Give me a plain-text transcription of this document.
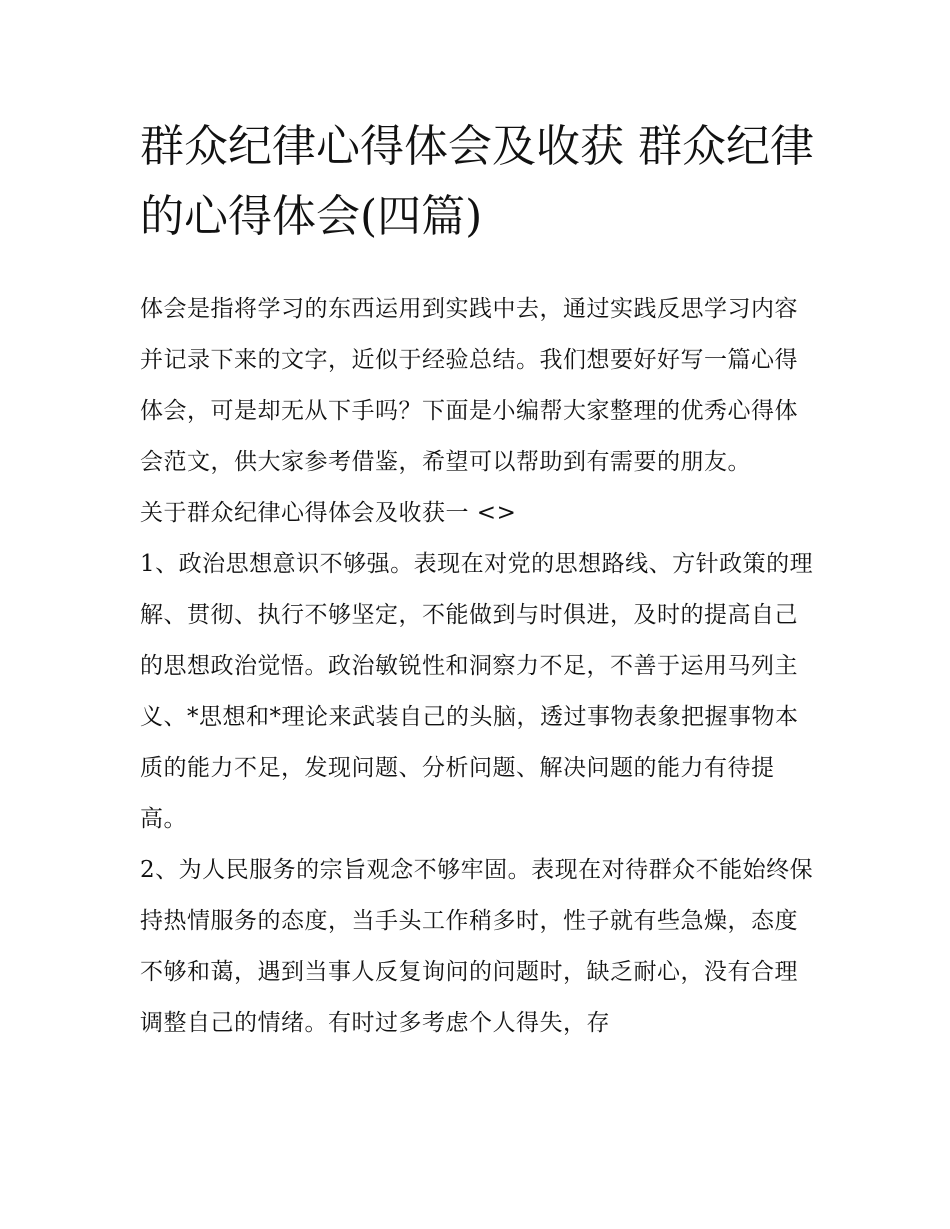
群众纪律心得体会及收获 群众纪律的心得体会(四篇)

体会是指将学习的东西运用到实践中去，通过实践反思学习内容并记录下来的文字，近似于经验总结。我们想要好好写一篇心得体会，可是却无从下手吗？下面是小编帮大家整理的优秀心得体会范文，供大家参考借鉴，希望可以帮助到有需要的朋友。

关于群众纪律心得体会及收获一 <>

1、政治思想意识不够强。表现在对党的思想路线、方针政策的理解、贯彻、执行不够坚定，不能做到与时俱进，及时的提高自己的思想政治觉悟。政治敏锐性和洞察力不足，不善于运用马列主义、*思想和*理论来武装自己的头脑，透过事物表象把握事物本质的能力不足，发现问题、分析问题、解决问题的能力有待提高。

2、为人民服务的宗旨观念不够牢固。表现在对待群众不能始终保持热情服务的态度，当手头工作稍多时，性子就有些急燥，态度不够和蔼，遇到当事人反复询问的问题时，缺乏耐心，没有合理调整自己的情绪。有时过多考虑个人得失，存
